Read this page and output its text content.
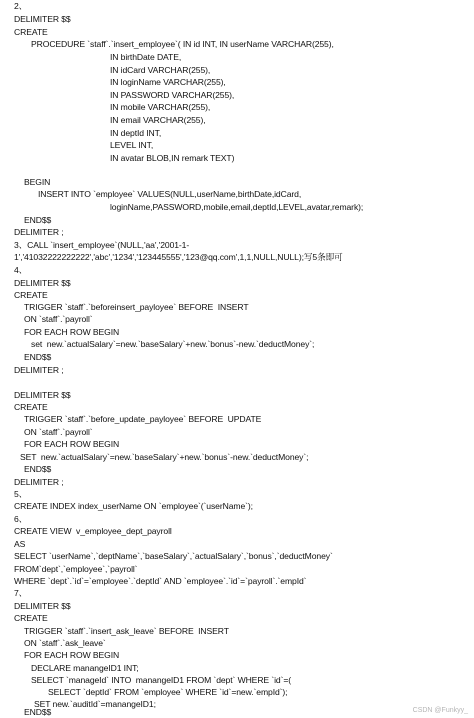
2、
DELIMITER $$
CREATE
PROCEDURE `staff`.`insert_employee`( IN id INT, IN userName VARCHAR(255),
IN birthDate DATE,
IN idCard VARCHAR(255),
IN loginName VARCHAR(255),
IN PASSWORD VARCHAR(255),
IN mobile VARCHAR(255),
IN email VARCHAR(255),
IN deptId INT,
LEVEL INT,
IN avatar BLOB,IN remark TEXT)
BEGIN
INSERT INTO `employee` VALUES(NULL,userName,birthDate,idCard,
loginName,PASSWORD,mobile,email,deptId,LEVEL,avatar,remark);
END$$
DELIMITER ;
3、CALL `insert_employee`(NULL,'aa','2001-1-
1','41032222222222','abc','1234','123445555','123@qq.com',1,1,NULL,NULL);写5条即可
4、
DELIMITER $$
CREATE
TRIGGER `staff`.`beforeinsert_payloyee` BEFORE  INSERT
ON `staff`.`payroll`
FOR EACH ROW BEGIN
set  new.`actualSalary`=new.`baseSalary`+new.`bonus`-new.`deductMoney`;
END$$
DELIMITER ;
DELIMITER $$
CREATE
TRIGGER `staff`.`before_update_payloyee` BEFORE  UPDATE
ON `staff`.`payroll`
FOR EACH ROW BEGIN
SET  new.`actualSalary`=new.`baseSalary`+new.`bonus`-new.`deductMoney`;
END$$
DELIMITER ;
5、
CREATE INDEX index_userName ON `employee`(`userName`);
6、
CREATE VIEW  v_employee_dept_payroll
AS
SELECT `userName`,`deptName`,`baseSalary`,`actualSalary`,`bonus`,`deductMoney`
FROM`dept`,`employee`,`payroll`
WHERE `dept`.`id`=`employee`.`deptId` AND `employee`.`id`=`payroll`.`empId`
7、
DELIMITER $$
CREATE
TRIGGER `staff`.`insert_ask_leave` BEFORE  INSERT
ON `staff`.`ask_leave`
FOR EACH ROW BEGIN
DECLARE manangeID1 INT;
SELECT `manageId` INTO  manangeID1 FROM `dept` WHERE `id`=(
SELECT `deptId` FROM `employee` WHERE `id`=new.`empId`);
SET new.`auditId`=manangeID1;
END$$	CSDN @Funkyy_
